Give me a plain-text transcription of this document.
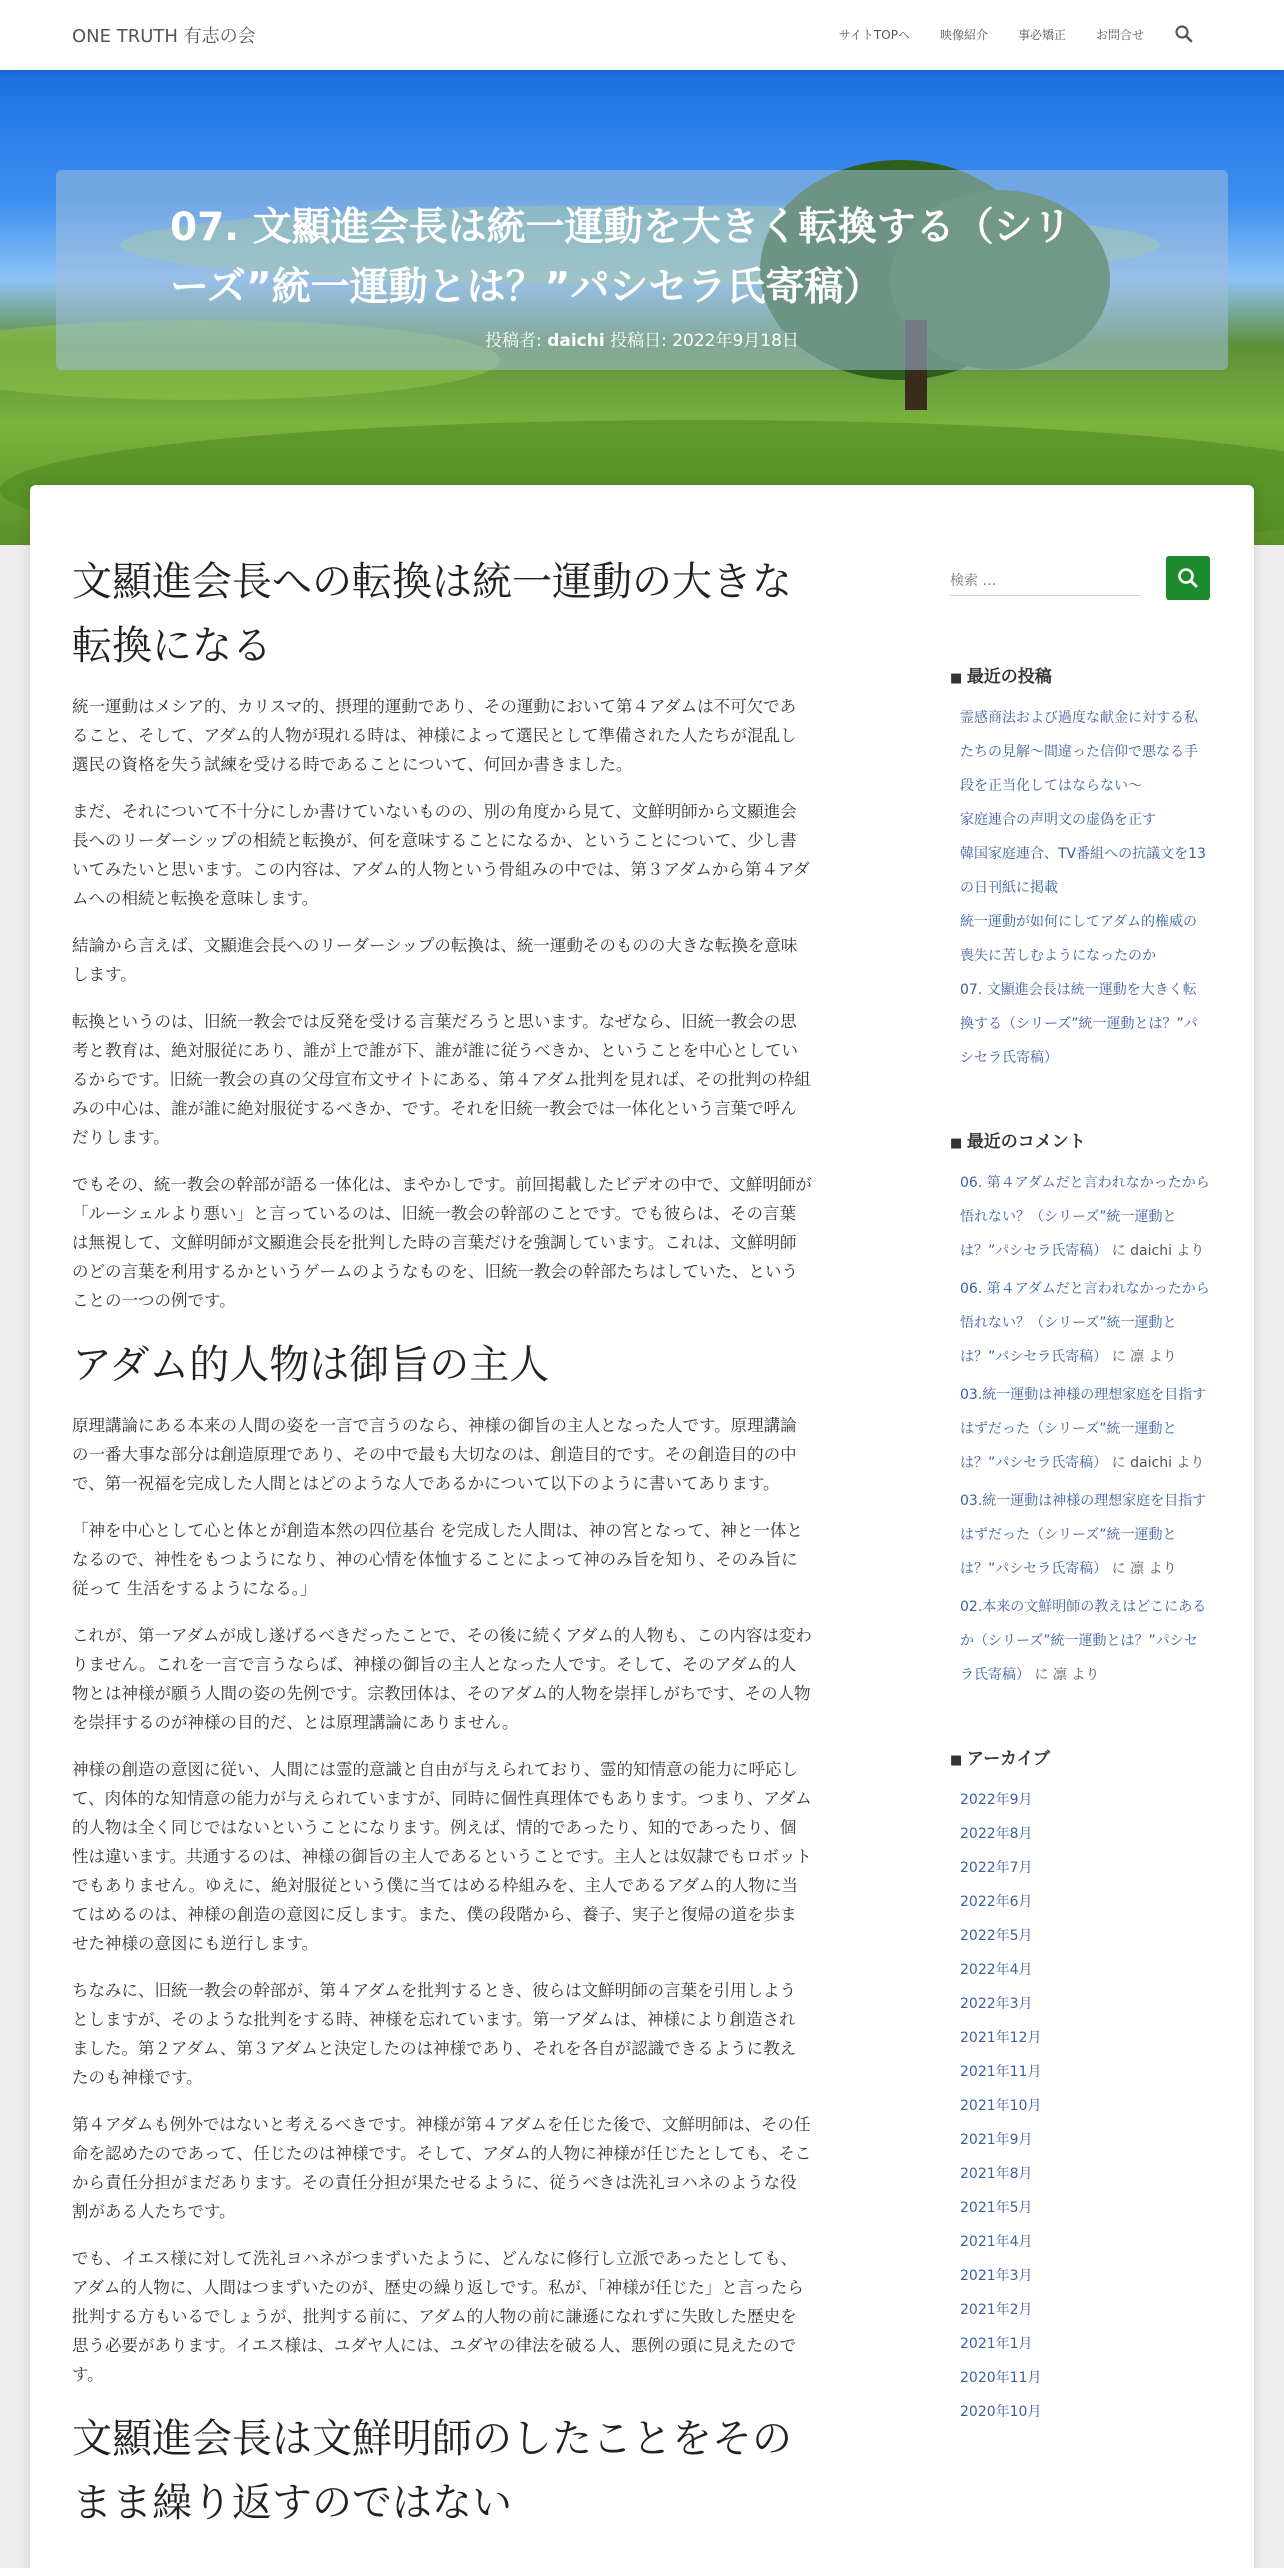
ONE TRUTH 有志の会	サイトTOPへ	映像紹介	事必矯正	お問合せ
07. 文顯進会長は統一運動を大きく転換する（シリーズ”統一運動とは？”パシセラ氏寄稿）
投稿者: daichi 投稿日: 2022年9月18日
文顯進会長への転換は統一運動の大きな転換になる

統一運動はメシア的、カリスマ的、摂理的運動であり、その運動において第４アダムは不可欠であること、そして、アダム的人物が現れる時は、神様によって選民として準備された人たちが混乱し選民の資格を失う試練を受ける時であることについて、何回か書きました。

まだ、それについて不十分にしか書けていないものの、別の角度から見て、文鮮明師から文顯進会長へのリーダーシップの相続と転換が、何を意味することになるか、ということについて、少し書いてみたいと思います。この内容は、アダム的人物という骨組みの中では、第３アダムから第４アダムへの相続と転換を意味します。

結論から言えば、文顯進会長へのリーダーシップの転換は、統一運動そのものの大きな転換を意味します。

転換というのは、旧統一教会では反発を受ける言葉だろうと思います。なぜなら、旧統一教会の思考と教育は、絶対服従にあり、誰が上で誰が下、誰が誰に従うべきか、ということを中心としているからです。旧統一教会の真の父母宣布文サイトにある、第４アダム批判を見れば、その批判の枠組みの中心は、誰が誰に絶対服従するべきか、です。それを旧統一教会では一体化という言葉で呼んだりします。

でもその、統一教会の幹部が語る一体化は、まやかしです。前回掲載したビデオの中で、文鮮明師が「ルーシェルより悪い」と言っているのは、旧統一教会の幹部のことです。でも彼らは、その言葉は無視して、文鮮明師が文顯進会長を批判した時の言葉だけを強調しています。これは、文鮮明師のどの言葉を利用するかというゲームのようなものを、旧統一教会の幹部たちはしていた、ということの一つの例です。

アダム的人物は御旨の主人

原理講論にある本来の人間の姿を一言で言うのなら、神様の御旨の主人となった人です。原理講論の一番大事な部分は創造原理であり、その中で最も大切なのは、創造目的です。その創造目的の中で、第一祝福を完成した人間とはどのような人であるかについて以下のように書いてあります。

「神を中心として心と体とが創造本然の四位基台 を完成した人間は、神の宮となって、神と一体となるので、神性をもつようになり、神の心情を体恤することによって神のみ旨を知り、そのみ旨に従って 生活をするようになる。」

これが、第一アダムが成し遂げるべきだったことで、その後に続くアダム的人物も、この内容は変わりません。これを一言で言うならば、神様の御旨の主人となった人です。そして、そのアダム的人物とは神様が願う人間の姿の先例です。宗教団体は、そのアダム的人物を崇拝しがちです、その人物を崇拝するのが神様の目的だ、とは原理講論にありません。

神様の創造の意図に従い、人間には霊的意識と自由が与えられており、霊的知情意の能力に呼応して、肉体的な知情意の能力が与えられていますが、同時に個性真理体でもあります。つまり、アダム的人物は全く同じではないということになります。例えば、情的であったり、知的であったり、個性は違います。共通するのは、神様の御旨の主人であるということです。主人とは奴隷でもロボットでもありません。ゆえに、絶対服従という僕に当てはめる枠組みを、主人であるアダム的人物に当てはめるのは、神様の創造の意図に反します。また、僕の段階から、養子、実子と復帰の道を歩ませた神様の意図にも逆行します。

ちなみに、旧統一教会の幹部が、第４アダムを批判するとき、彼らは文鮮明師の言葉を引用しようとしますが、そのような批判をする時、神様を忘れています。第一アダムは、神様により創造されました。第２アダム、第３アダムと決定したのは神様であり、それを各自が認識できるように教えたのも神様です。

第４アダムも例外ではないと考えるべきです。神様が第４アダムを任じた後で、文鮮明師は、その任命を認めたのであって、任じたのは神様です。そして、アダム的人物に神様が任じたとしても、そこから責任分担がまだあります。その責任分担が果たせるように、従うべきは洗礼ヨハネのような役割がある人たちです。

でも、イエス様に対して洗礼ヨハネがつまずいたように、どんなに修行し立派であったとしても、アダム的人物に、人間はつまずいたのが、歴史の繰り返しです。私が、「神様が任じた」と言ったら批判する方もいるでしょうが、批判する前に、アダム的人物の前に謙遜になれずに失敗した歴史を思う必要があります。イエス様は、ユダヤ人には、ユダヤの律法を破る人、悪例の頭に見えたのです。

文顯進会長は文鮮明師のしたことをそのまま繰り返すのではない
検索 …
■ 最近の投稿
霊感商法および過度な献金に対する私たちの見解～間違った信仰で悪なる手段を正当化してはならない～
家庭連合の声明文の虚偽を正す
韓国家庭連合、TV番組への抗議文を13の日刊紙に掲載
統一運動が如何にしてアダム的権威の喪失に苦しむようになったのか
07. 文顯進会長は統一運動を大きく転換する（シリーズ”統一運動とは？”パシセラ氏寄稿）
■ 最近のコメント
06. 第４アダムだと言われなかったから悟れない？（シリーズ”統一運動とは？”パシセラ氏寄稿） に daichi より
06. 第４アダムだと言われなかったから悟れない？（シリーズ”統一運動とは？”パシセラ氏寄稿） に 凛 より
03.統一運動は神様の理想家庭を目指すはずだった（シリーズ”統一運動とは？”パシセラ氏寄稿） に daichi より
03.統一運動は神様の理想家庭を目指すはずだった（シリーズ”統一運動とは？”パシセラ氏寄稿） に 凛 より
02.本来の文鮮明師の教えはどこにあるか（シリーズ”統一運動とは？”パシセラ氏寄稿） に 凛 より
■ アーカイブ
2022年9月
2022年8月
2022年7月
2022年6月
2022年5月
2022年4月
2022年3月
2021年12月
2021年11月
2021年10月
2021年9月
2021年8月
2021年5月
2021年4月
2021年3月
2021年2月
2021年1月
2020年11月
2020年10月
